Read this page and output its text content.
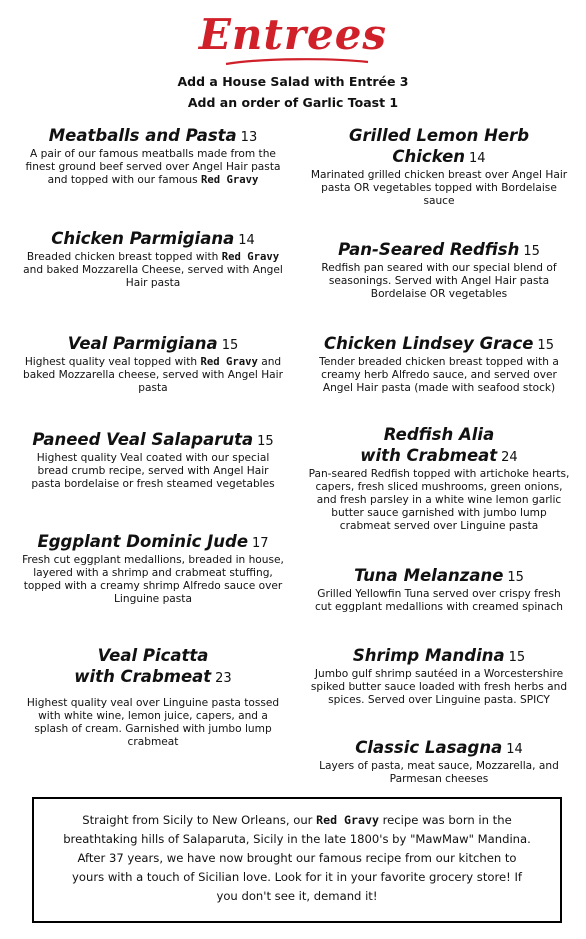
Entrees
Add a House Salad with Entrée 3
Add an order of Garlic Toast 1
Meatballs and Pasta 13
A pair of our famous meatballs made from the finest ground beef served over Angel Hair pasta and topped with our famous Red Gravy
Chicken Parmigiana 14
Breaded chicken breast topped with Red Gravy and baked Mozzarella Cheese, served with Angel Hair pasta
Veal Parmigiana 15
Highest quality veal topped with Red Gravy and baked Mozzarella cheese, served with Angel Hair pasta
Paneed Veal Salaparuta 15
Highest quality Veal coated with our special bread crumb recipe, served with Angel Hair pasta bordelaise or fresh steamed vegetables
Eggplant Dominic Jude 17
Fresh cut eggplant medallions, breaded in house, layered with a shrimp and crabmeat stuffing, topped with a creamy shrimp Alfredo sauce over Linguine pasta
Veal Picatta
with Crabmeat 23
Highest quality veal over Linguine pasta tossed with white wine, lemon juice, capers, and a splash of cream. Garnished with jumbo lump crabmeat
Grilled Lemon Herb
Chicken 14
Marinated grilled chicken breast over Angel Hair pasta OR vegetables topped with Bordelaise sauce
Pan-Seared Redfish 15
Redfish pan seared with our special blend of seasonings. Served with Angel Hair pasta Bordelaise OR vegetables
Chicken Lindsey Grace 15
Tender breaded chicken breast topped with a creamy herb Alfredo sauce, and served over Angel Hair pasta (made with seafood stock)
Redfish Alia
with Crabmeat 24
Pan-seared Redfish topped with artichoke hearts, capers, fresh sliced mushrooms, green onions, and fresh parsley in a white wine lemon garlic butter sauce garnished with jumbo lump crabmeat served over Linguine pasta
Tuna Melanzane 15
Grilled Yellowfin Tuna served over crispy fresh cut eggplant medallions with creamed spinach
Shrimp Mandina 15
Jumbo gulf shrimp sautéed in a Worcestershire spiked butter sauce loaded with fresh herbs and spices. Served over Linguine pasta. SPICY
Classic Lasagna 14
Layers of pasta, meat sauce, Mozzarella, and Parmesan cheeses
Straight from Sicily to New Orleans, our Red Gravy recipe was born in the breathtaking hills of Salaparuta, Sicily in the late 1800's by "MawMaw" Mandina. After 37 years, we have now brought our famous recipe from our kitchen to yours with a touch of Sicilian love. Look for it in your favorite grocery store! If you don't see it, demand it!
